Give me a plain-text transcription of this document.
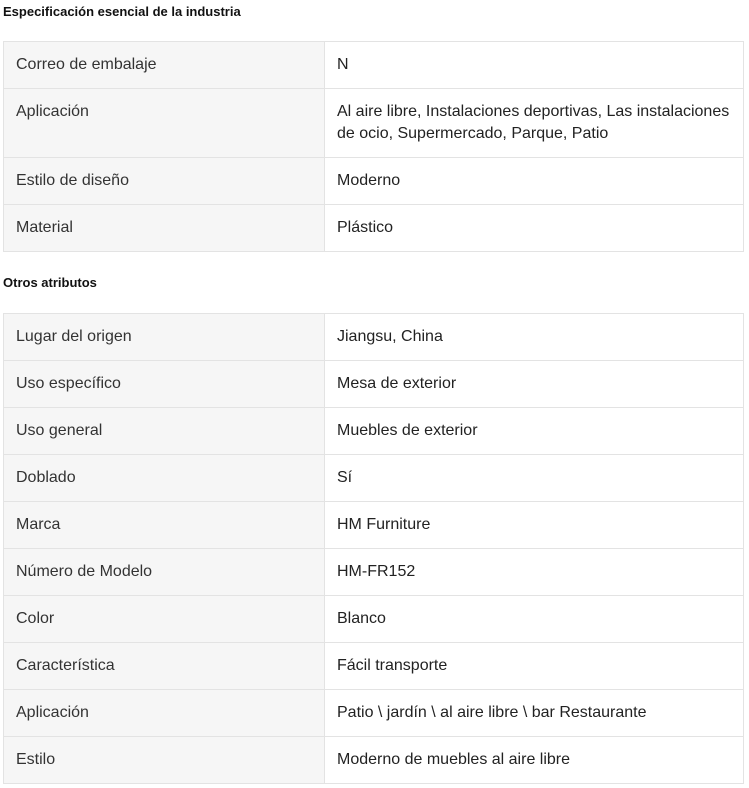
Especificación esencial de la industria
Correo de embalaje	N
Aplicación	Al aire libre, Instalaciones deportivas, Las instalaciones de ocio, Supermercado, Parque, Patio
Estilo de diseño	Moderno
Material	Plástico
Otros atributos
Lugar del origen	Jiangsu, China
Uso específico	Mesa de exterior
Uso general	Muebles de exterior
Doblado	Sí
Marca	HM Furniture
Número de Modelo	HM-FR152
Color	Blanco
Característica	Fácil transporte
Aplicación	Patio \ jardín \ al aire libre \ bar Restaurante
Estilo	Moderno de muebles al aire libre
